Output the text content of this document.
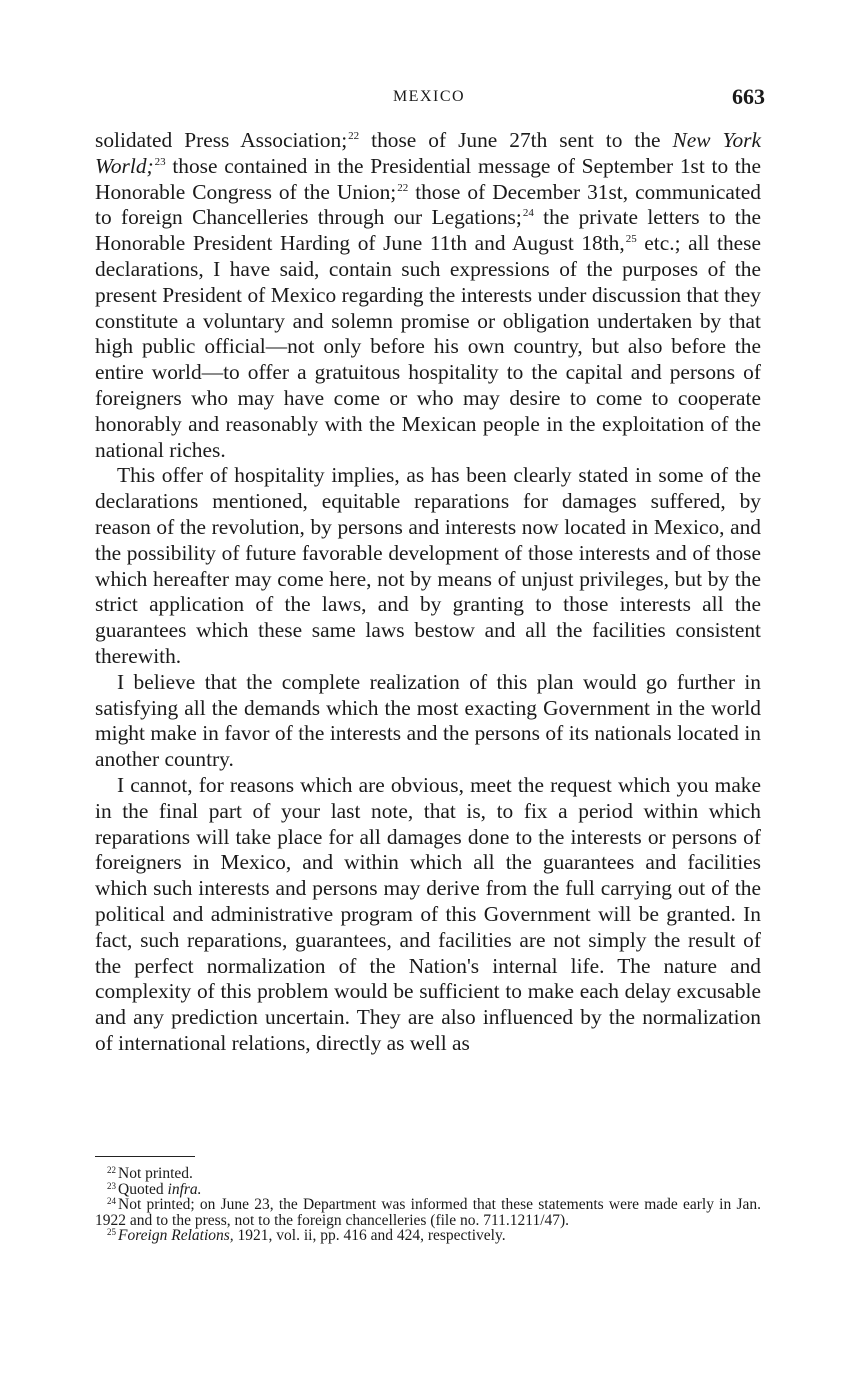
MEXICO	663

solidated Press Association;$^{22}$ those of June 27th sent to the New York World;$^{23}$ those contained in the Presidential message of September 1st to the Honorable Congress of the Union;$^{22}$ those of December 31st, communicated to foreign Chancelleries through our Legations;$^{24}$ the private letters to the Honorable President Harding of June 11th and August 18th,$^{25}$ etc.; all these declarations, I have said, contain such expressions of the purposes of the present President of Mexico regarding the interests under discussion that they constitute a voluntary and solemn promise or obligation undertaken by that high public official—not only before his own country, but also before the entire world—to offer a gratuitous hospitality to the capital and persons of foreigners who may have come or who may desire to come to cooperate honorably and reasonably with the Mexican people in the exploitation of the national riches.

This offer of hospitality implies, as has been clearly stated in some of the declarations mentioned, equitable reparations for damages suffered, by reason of the revolution, by persons and interests now located in Mexico, and the possibility of future favorable development of those interests and of those which hereafter may come here, not by means of unjust privileges, but by the strict application of the laws, and by granting to those interests all the guarantees which these same laws bestow and all the facilities consistent therewith.

I believe that the complete realization of this plan would go further in satisfying all the demands which the most exacting Government in the world might make in favor of the interests and the persons of its nationals located in another country.

I cannot, for reasons which are obvious, meet the request which you make in the final part of your last note, that is, to fix a period within which reparations will take place for all damages done to the interests or persons of foreigners in Mexico, and within which all the guarantees and facilities which such interests and persons may derive from the full carrying out of the political and administrative program of this Government will be granted. In fact, such reparations, guarantees, and facilities are not simply the result of the perfect normalization of the Nation's internal life. The nature and complexity of this problem would be sufficient to make each delay excusable and any prediction uncertain. They are also influenced by the normalization of international relations, directly as well as

$^{22}$ Not printed.

$^{23}$ Quoted infra.

$^{24}$ Not printed; on June 23, the Department was informed that these statements were made early in Jan. 1922 and to the press, not to the foreign chancelleries (file no. 711.1211/47).

$^{25}$ Foreign Relations, 1921, vol. ii, pp. 416 and 424, respectively.
